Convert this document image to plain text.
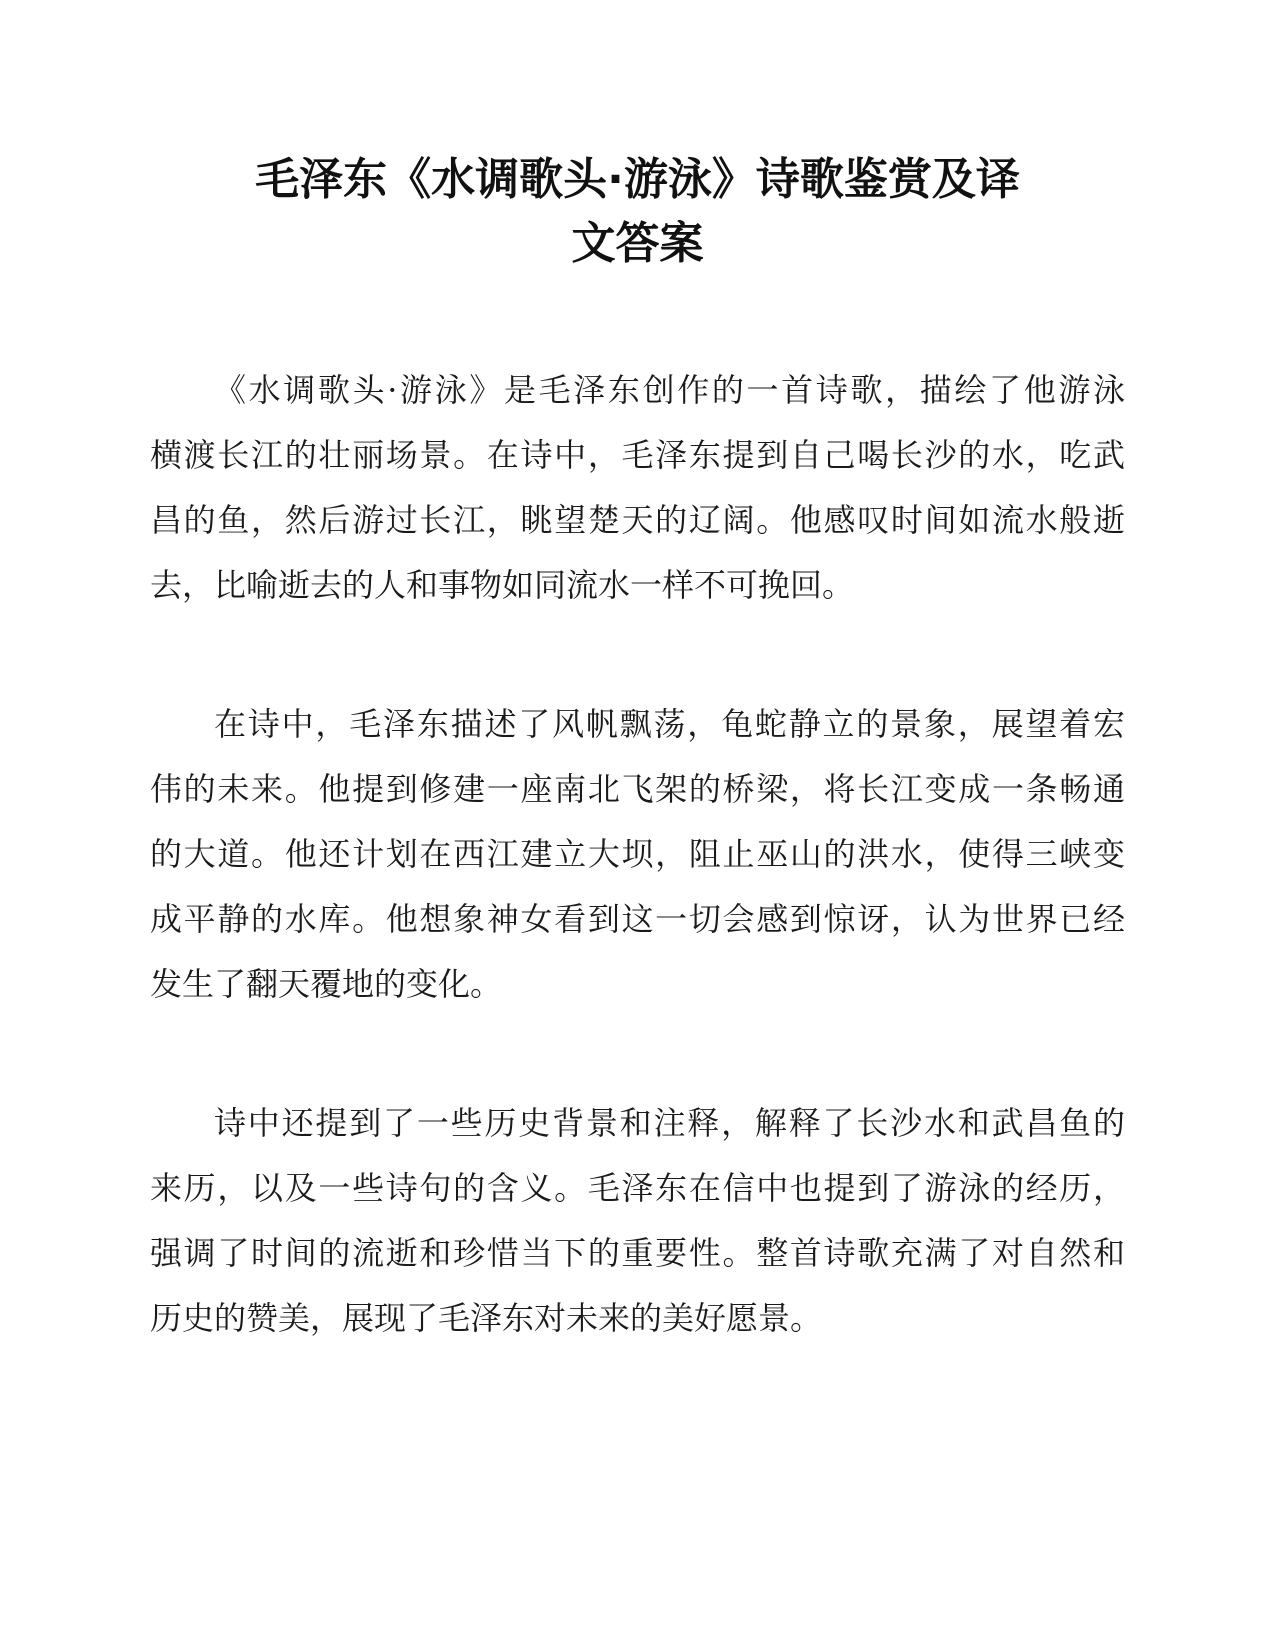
毛泽东《水调歌头·游泳》诗歌鉴赏及译
文答案
《水调歌头·游泳》是毛泽东创作的一首诗歌，描绘了他游泳
横渡长江的壮丽场景。在诗中，毛泽东提到自己喝长沙的水，吃武
昌的鱼，然后游过长江，眺望楚天的辽阔。他感叹时间如流水般逝
去，比喻逝去的人和事物如同流水一样不可挽回。
在诗中，毛泽东描述了风帆飘荡，龟蛇静立的景象，展望着宏
伟的未来。他提到修建一座南北飞架的桥梁，将长江变成一条畅通
的大道。他还计划在西江建立大坝，阻止巫山的洪水，使得三峡变
成平静的水库。他想象神女看到这一切会感到惊讶，认为世界已经
发生了翻天覆地的变化。
诗中还提到了一些历史背景和注释，解释了长沙水和武昌鱼的
来历，以及一些诗句的含义。毛泽东在信中也提到了游泳的经历，
强调了时间的流逝和珍惜当下的重要性。整首诗歌充满了对自然和
历史的赞美，展现了毛泽东对未来的美好愿景。
